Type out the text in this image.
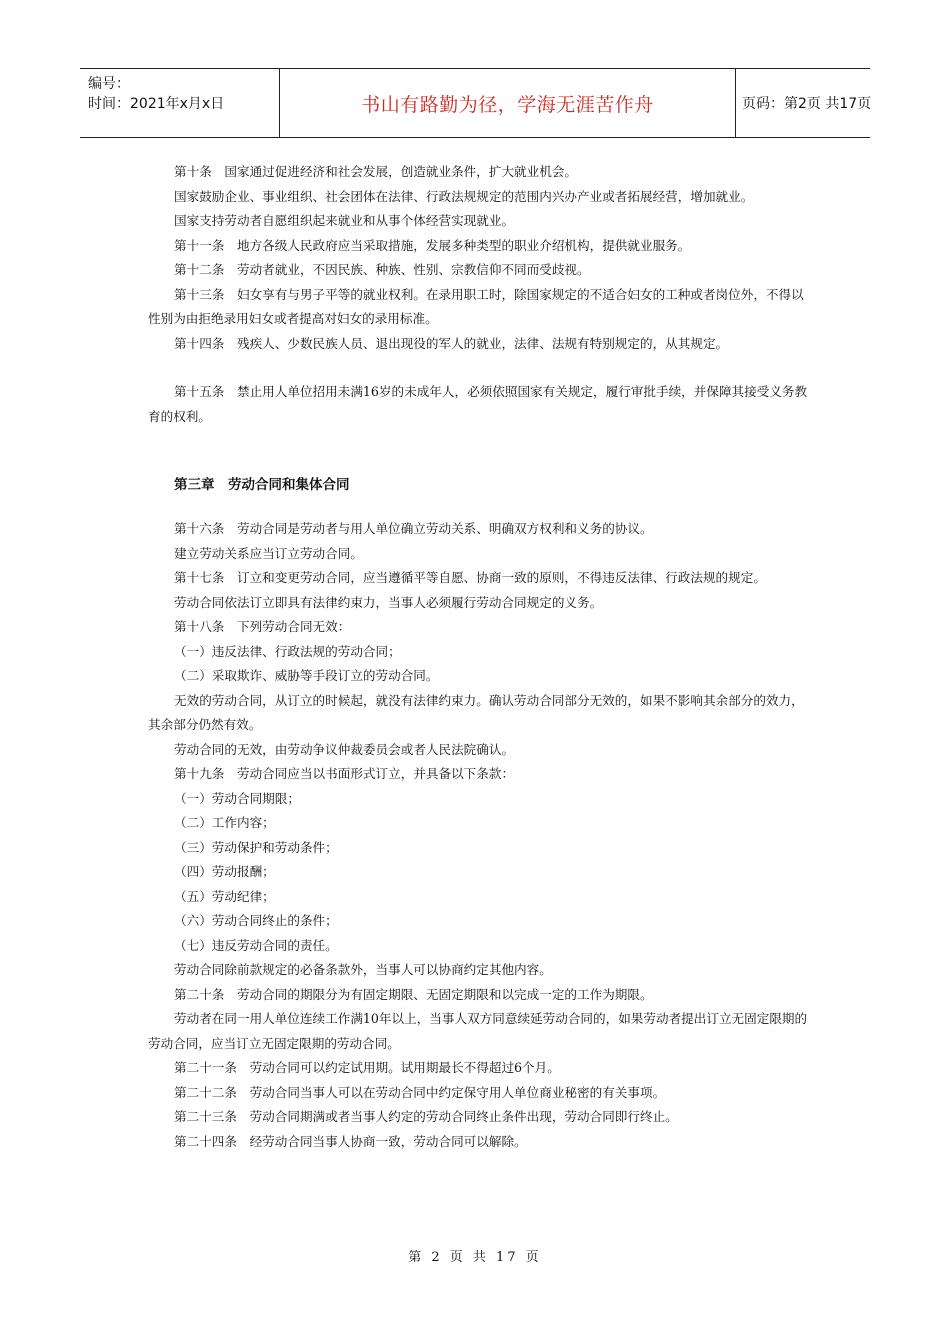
编号：
时间：2021年x月x日	书山有路勤为径，学海无涯苦作舟	页码：第2页 共17页

第十条　国家通过促进经济和社会发展，创造就业条件，扩大就业机会。

国家鼓励企业、事业组织、社会团体在法律、行政法规规定的范围内兴办产业或者拓展经营，增加就业。

国家支持劳动者自愿组织起来就业和从事个体经营实现就业。

第十一条　地方各级人民政府应当采取措施，发展多种类型的职业介绍机构，提供就业服务。

第十二条　劳动者就业，不因民族、种族、性别、宗教信仰不同而受歧视。

第十三条　妇女享有与男子平等的就业权利。在录用职工时，除国家规定的不适合妇女的工种或者岗位外，不得以性别为由拒绝录用妇女或者提高对妇女的录用标准。

第十四条　残疾人、少数民族人员、退出现役的军人的就业，法律、法规有特别规定的，从其规定。

第十五条　禁止用人单位招用未满16岁的未成年人，必须依照国家有关规定，履行审批手续，并保障其接受义务教育的权利。

第三章　劳动合同和集体合同

第十六条　劳动合同是劳动者与用人单位确立劳动关系、明确双方权利和义务的协议。

建立劳动关系应当订立劳动合同。

第十七条　订立和变更劳动合同，应当遵循平等自愿、协商一致的原则，不得违反法律、行政法规的规定。

劳动合同依法订立即具有法律约束力，当事人必须履行劳动合同规定的义务。

第十八条　下列劳动合同无效：

（一）违反法律、行政法规的劳动合同；

（二）采取欺诈、威胁等手段订立的劳动合同。

无效的劳动合同，从订立的时候起，就没有法律约束力。确认劳动合同部分无效的，如果不影响其余部分的效力，其余部分仍然有效。

劳动合同的无效，由劳动争议仲裁委员会或者人民法院确认。

第十九条　劳动合同应当以书面形式订立，并具备以下条款：

（一）劳动合同期限；

（二）工作内容；

（三）劳动保护和劳动条件；

（四）劳动报酬；

（五）劳动纪律；

（六）劳动合同终止的条件；

（七）违反劳动合同的责任。

劳动合同除前款规定的必备条款外，当事人可以协商约定其他内容。

第二十条　劳动合同的期限分为有固定期限、无固定期限和以完成一定的工作为期限。

劳动者在同一用人单位连续工作满10年以上，当事人双方同意续延劳动合同的，如果劳动者提出订立无固定限期的劳动合同，应当订立无固定限期的劳动合同。

第二十一条　劳动合同可以约定试用期。试用期最长不得超过6个月。

第二十二条　劳动合同当事人可以在劳动合同中约定保守用人单位商业秘密的有关事项。

第二十三条　劳动合同期满或者当事人约定的劳动合同终止条件出现，劳动合同即行终止。

第二十四条　经劳动合同当事人协商一致，劳动合同可以解除。

第 2 页 共 17 页
